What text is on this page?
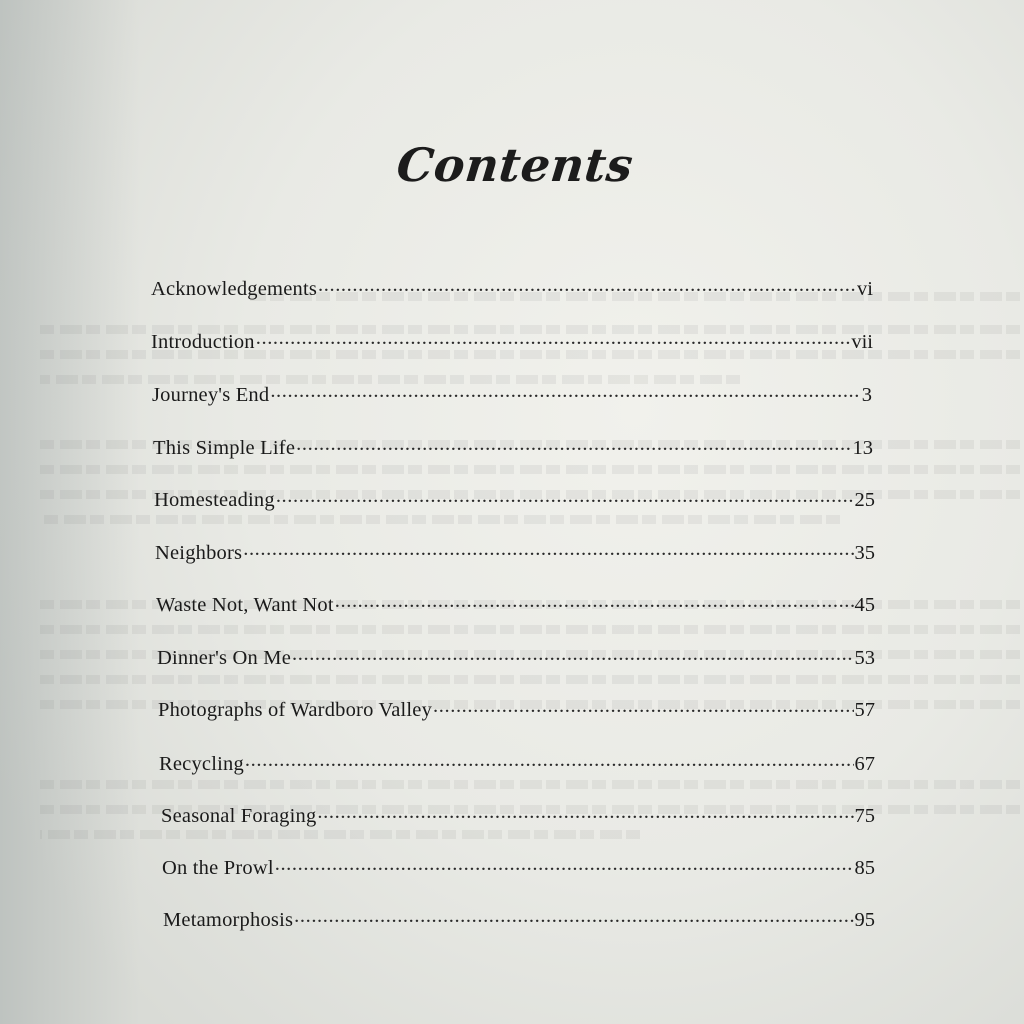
Contents
Acknowledgements .....	vi
Introduction .....	vii
Journey's End .....	3
This Simple Life .....	13
Homesteading .....	25
Neighbors .....	35
Waste Not, Want Not .....	45
Dinner's On Me .....	53
Photographs of Wardboro Valley .....	57
Recycling .....	67
Seasonal Foraging .....	75
On the Prowl .....	85
Metamorphosis .....	95
